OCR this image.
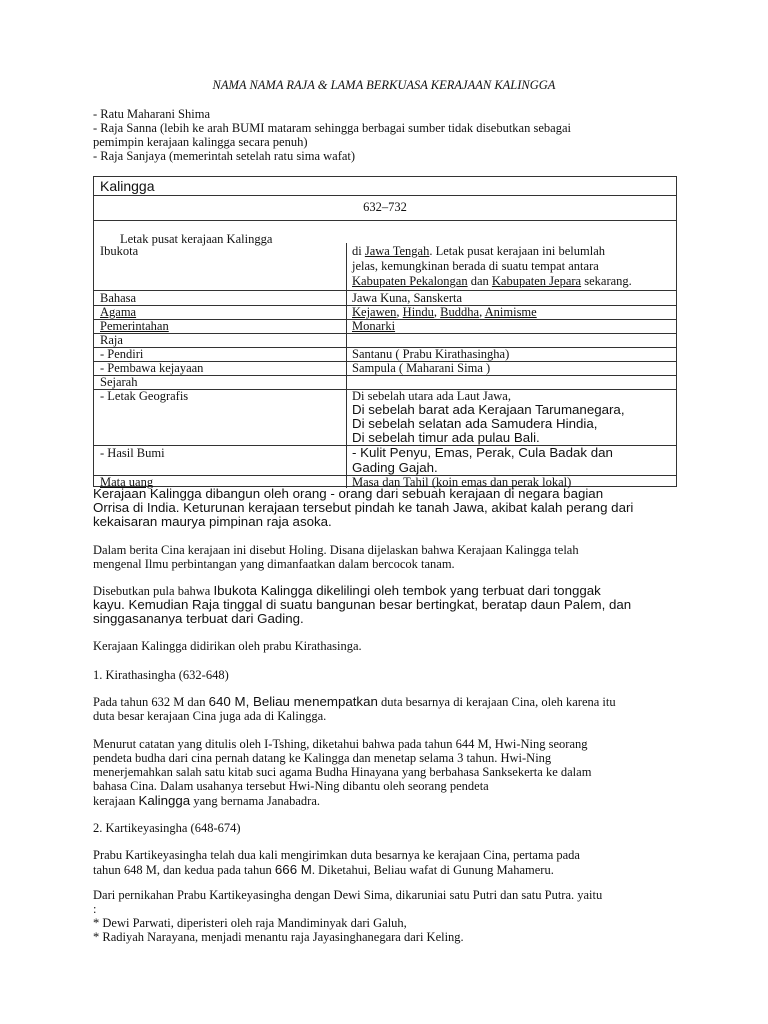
NAMA NAMA RAJA & LAMA BERKUASA KERAJAAN KALINGGA
- Ratu Maharani Shima
- Raja Sanna (lebih ke arah BUMI mataram sehingga berbagai sumber tidak disebutkan sebagai
pemimpin kerajaan kalingga secara penuh)
- Raja Sanjaya (memerintah setelah ratu sima wafat)
Kalingga
632–732
Letak pusat kerajaan Kalingga
Ibukota	di Jawa Tengah. Letak pusat kerajaan ini belumlah
jelas, kemungkinan berada di suatu tempat antara
Kabupaten Pekalongan dan Kabupaten Jepara sekarang.
Bahasa	Jawa Kuna, Sanskerta
Agama	Kejawen, Hindu, Buddha, Animisme
Pemerintahan	Monarki
Raja
- Pendiri	Santanu ( Prabu Kirathasingha)
- Pembawa kejayaan	Sampula ( Maharani Sima )
Sejarah
- Letak Geografis	Di sebelah utara ada Laut Jawa,
Di sebelah barat ada Kerajaan Tarumanegara,
Di sebelah selatan ada Samudera Hindia,
Di sebelah timur ada pulau Bali.
- Hasil Bumi	- Kulit Penyu, Emas, Perak, Cula Badak dan
Gading Gajah.
Mata uang	Masa dan Tahil (koin emas dan perak lokal)
Kerajaan Kalingga dibangun oleh orang - orang dari sebuah kerajaan di negara bagian
Orrisa di India. Keturunan kerajaan tersebut pindah ke tanah Jawa, akibat kalah perang dari
kekaisaran maurya pimpinan raja asoka.
Dalam berita Cina kerajaan ini disebut Holing. Disana dijelaskan bahwa Kerajaan Kalingga telah
mengenal Ilmu perbintangan yang dimanfaatkan dalam bercocok tanam.
Disebutkan pula bahwa Ibukota Kalingga dikelilingi oleh tembok yang terbuat dari tonggak
kayu. Kemudian Raja tinggal di suatu bangunan besar bertingkat, beratap daun Palem, dan
singgasananya terbuat dari Gading.
Kerajaan Kalingga didirikan oleh prabu Kirathasinga.
1. Kirathasingha (632-648)
Pada tahun 632 M dan 640 M, Beliau menempatkan duta besarnya di kerajaan Cina, oleh karena itu
duta besar kerajaan Cina juga ada di Kalingga.
Menurut catatan yang ditulis oleh I-Tshing, diketahui bahwa pada tahun 644 M, Hwi-Ning seorang
pendeta budha dari cina pernah datang ke Kalingga dan menetap selama 3 tahun. Hwi-Ning
menerjemahkan salah satu kitab suci agama Budha Hinayana yang berbahasa Sanksekerta ke dalam
bahasa Cina. Dalam usahanya tersebut Hwi-Ning dibantu oleh seorang pendeta
kerajaan Kalingga yang bernama Janabadra.
2. Kartikeyasingha (648-674)
Prabu Kartikeyasingha telah dua kali mengirimkan duta besarnya ke kerajaan Cina, pertama pada
tahun 648 M, dan kedua pada tahun 666 M. Diketahui, Beliau wafat di Gunung Mahameru.
Dari pernikahan Prabu Kartikeyasingha dengan Dewi Sima, dikaruniai satu Putri dan satu Putra. yaitu
:
* Dewi Parwati, diperisteri oleh raja Mandiminyak dari Galuh,
* Radiyah Narayana, menjadi menantu raja Jayasinghanegara dari Keling.
